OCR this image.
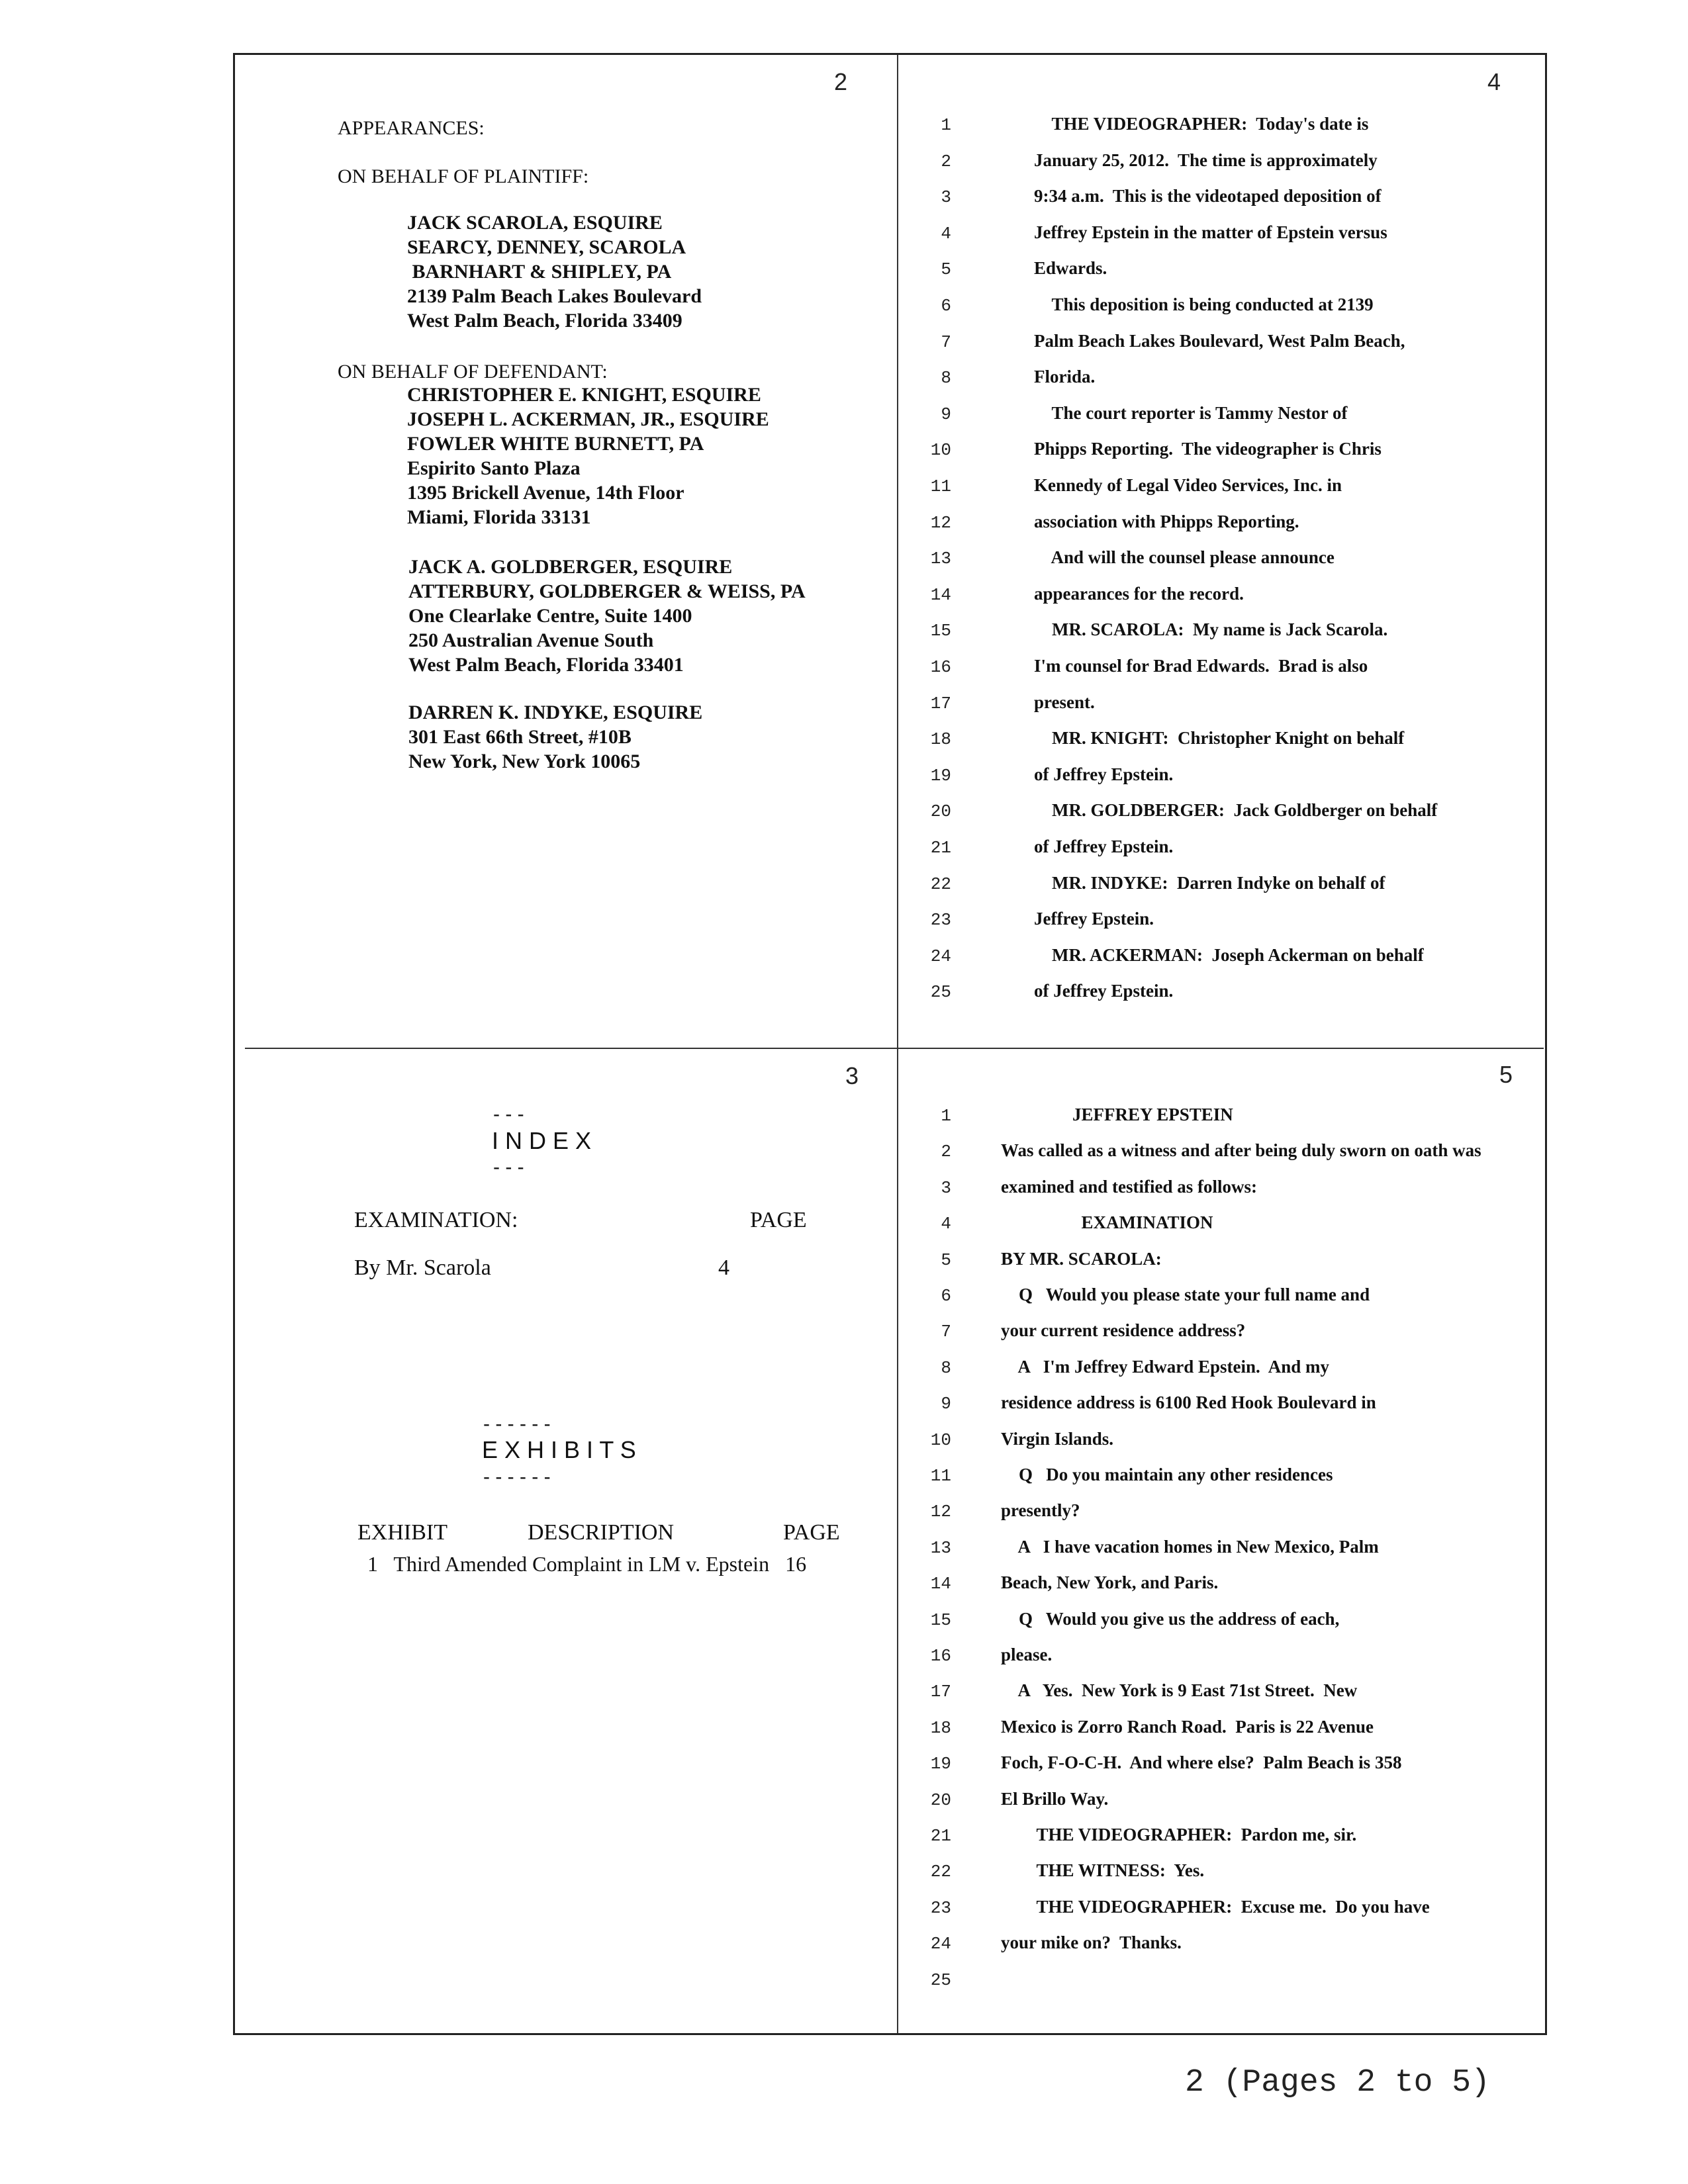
2
APPEARANCES:
ON BEHALF OF PLAINTIFF:
JACK SCAROLA, ESQUIRE
SEARCY, DENNEY, SCAROLA
BARNHART & SHIPLEY, PA
2139 Palm Beach Lakes Boulevard
West Palm Beach, Florida 33409
ON BEHALF OF DEFENDANT:
CHRISTOPHER E. KNIGHT, ESQUIRE
JOSEPH L. ACKERMAN, JR., ESQUIRE
FOWLER WHITE BURNETT, PA
Espirito Santo Plaza
1395 Brickell Avenue, 14th Floor
Miami, Florida 33131
JACK A. GOLDBERGER, ESQUIRE
ATTERBURY, GOLDBERGER & WEISS, PA
One Clearlake Centre, Suite 1400
250 Australian Avenue South
West Palm Beach, Florida 33401
DARREN K. INDYKE, ESQUIRE
301 East 66th Street, #10B
New York, New York 10065
4
1	THE VIDEOGRAPHER:  Today's date is
2	January 25, 2012.  The time is approximately
3	9:34 a.m.  This is the videotaped deposition of
4	Jeffrey Epstein in the matter of Epstein versus
5	Edwards.
6	This deposition is being conducted at 2139
7	Palm Beach Lakes Boulevard, West Palm Beach,
8	Florida.
9	The court reporter is Tammy Nestor of
10	Phipps Reporting.  The videographer is Chris
11	Kennedy of Legal Video Services, Inc. in
12	association with Phipps Reporting.
13	And will the counsel please announce
14	appearances for the record.
15	MR. SCAROLA:  My name is Jack Scarola.
16	I'm counsel for Brad Edwards.  Brad is also
17	present.
18	MR. KNIGHT:  Christopher Knight on behalf
19	of Jeffrey Epstein.
20	MR. GOLDBERGER:  Jack Goldberger on behalf
21	of Jeffrey Epstein.
22	MR. INDYKE:  Darren Indyke on behalf of
23	Jeffrey Epstein.
24	MR. ACKERMAN:  Joseph Ackerman on behalf
25	of Jeffrey Epstein.
3
- - -
I N D E X
- - -
EXAMINATION:	PAGE
By Mr. Scarola	4
- - - - - -
E X H I B I T S
- - - - - -
EXHIBIT	DESCRIPTION	PAGE
1   Third Amended Complaint in LM v. Epstein   16
5
1	JEFFREY EPSTEIN
2	Was called as a witness and after being duly sworn on oath was
3	examined and testified as follows:
4	EXAMINATION
5	BY MR. SCAROLA:
6	Q   Would you please state your full name and
7	your current residence address?
8	A   I'm Jeffrey Edward Epstein.  And my
9	residence address is 6100 Red Hook Boulevard in
10	Virgin Islands.
11	Q   Do you maintain any other residences
12	presently?
13	A   I have vacation homes in New Mexico, Palm
14	Beach, New York, and Paris.
15	Q   Would you give us the address of each,
16	please.
17	A   Yes.  New York is 9 East 71st Street.  New
18	Mexico is Zorro Ranch Road.  Paris is 22 Avenue
19	Foch, F-O-C-H.  And where else?  Palm Beach is 358
20	El Brillo Way.
21	THE VIDEOGRAPHER:  Pardon me, sir.
22	THE WITNESS:  Yes.
23	THE VIDEOGRAPHER:  Excuse me.  Do you have
24	your mike on?  Thanks.
25
2 (Pages 2 to 5)
